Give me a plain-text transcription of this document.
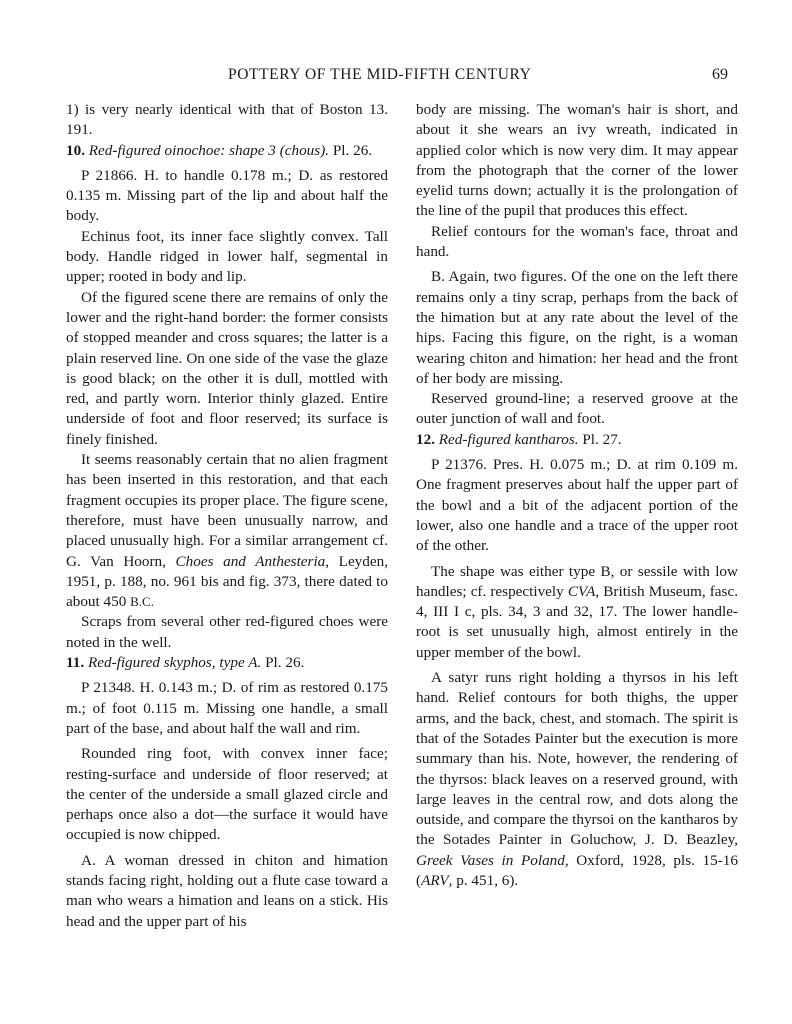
POTTERY OF THE MID-FIFTH CENTURY	69

1) is very nearly identical with that of Boston 13. 191.

10. Red-figured oinochoe: shape 3 (chous). Pl. 26.

P 21866. H. to handle 0.178 m.; D. as restored 0.135 m. Missing part of the lip and about half the body.

Echinus foot, its inner face slightly convex. Tall body. Handle ridged in lower half, segmental in upper; rooted in body and lip.

Of the figured scene there are remains of only the lower and the right-hand border: the former consists of stopped meander and cross squares; the latter is a plain reserved line. On one side of the vase the glaze is good black; on the other it is dull, mottled with red, and partly worn. Interior thinly glazed. Entire underside of foot and floor reserved; its surface is finely finished.

It seems reasonably certain that no alien fragment has been inserted in this restoration, and that each fragment occupies its proper place. The figure scene, therefore, must have been unusually narrow, and placed unusually high. For a similar arrangement cf. G. Van Hoorn, Choes and Anthesteria, Leyden, 1951, p. 188, no. 961 bis and fig. 373, there dated to about 450 B.C.

Scraps from several other red-figured choes were noted in the well.

11. Red-figured skyphos, type A. Pl. 26.

P 21348. H. 0.143 m.; D. of rim as restored 0.175 m.; of foot 0.115 m. Missing one handle, a small part of the base, and about half the wall and rim.

Rounded ring foot, with convex inner face; resting-surface and underside of floor reserved; at the center of the underside a small glazed circle and perhaps once also a dot—the surface it would have occupied is now chipped.

A. A woman dressed in chiton and himation stands facing right, holding out a flute case toward a man who wears a himation and leans on a stick. His head and the upper part of his

body are missing. The woman's hair is short, and about it she wears an ivy wreath, indicated in applied color which is now very dim. It may appear from the photograph that the corner of the lower eyelid turns down; actually it is the prolongation of the line of the pupil that produces this effect.

Relief contours for the woman's face, throat and hand.

B. Again, two figures. Of the one on the left there remains only a tiny scrap, perhaps from the back of the himation but at any rate about the level of the hips. Facing this figure, on the right, is a woman wearing chiton and himation: her head and the front of her body are missing.

Reserved ground-line; a reserved groove at the outer junction of wall and foot.

12. Red-figured kantharos. Pl. 27.

P 21376. Pres. H. 0.075 m.; D. at rim 0.109 m. One fragment preserves about half the upper part of the bowl and a bit of the adjacent portion of the lower, also one handle and a trace of the upper root of the other.

The shape was either type B, or sessile with low handles; cf. respectively CVA, British Museum, fasc. 4, III I c, pls. 34, 3 and 32, 17. The lower handle-root is set unusually high, almost entirely in the upper member of the bowl.

A satyr runs right holding a thyrsos in his left hand. Relief contours for both thighs, the upper arms, and the back, chest, and stomach. The spirit is that of the Sotades Painter but the execution is more summary than his. Note, however, the rendering of the thyrsos: black leaves on a reserved ground, with large leaves in the central row, and dots along the outside, and compare the thyrsoi on the kantharos by the Sotades Painter in Goluchow, J. D. Beazley, Greek Vases in Poland, Oxford, 1928, pls. 15-16 (ARV, p. 451, 6).
